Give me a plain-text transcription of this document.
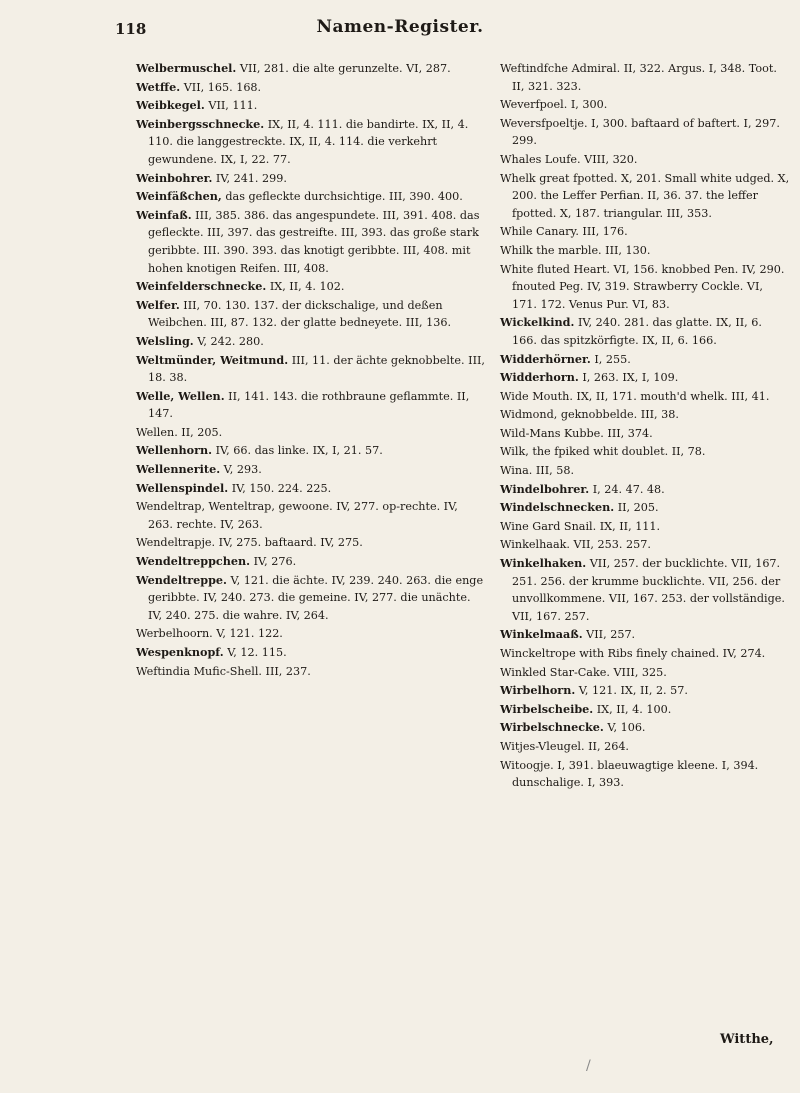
118	Namen-Register.

Welbermuschel. VII, 281. die alte gerunzelte. VI, 287.

Wetffe. VII, 165. 168.

Weibkegel. VII, 111.

Weinbergsschnecke. IX, II, 4. 111. die bandirte. IX, II, 4. 110. die langgestreckte. IX, II, 4. 114. die verkehrt gewundene. IX, I, 22. 77.

Weinbohrer. IV, 241. 299.

Weinfäßchen, das gefleckte durchsichtige. III, 390. 400.

Weinfaß. III, 385. 386. das angespundete. III, 391. 408. das gefleckte. III, 397. das gestreifte. III, 393. das große stark geribbte. III. 390. 393. das knotigt geribbte. III, 408. mit hohen knotigen Reifen. III, 408.

Weinfelderschnecke. IX, II, 4. 102.

Welfer. III, 70. 130. 137. der dickschalige, und deßen Weibchen. III, 87. 132. der glatte bedneyete. III, 136.

Welsling. V, 242. 280.

Weltmünder, Weitmund. III, 11. der ächte geknobbelte. III, 18. 38.

Welle, Wellen. II, 141. 143. die rothbraune geflammte. II, 147.

Wellen. II, 205.

Wellenhorn. IV, 66. das linke. IX, I, 21. 57.

Wellennerite. V, 293.

Wellenspindel. IV, 150. 224. 225.

Wendeltrap, Wenteltrap, gewoone. IV, 277. op-rechte. IV, 263. rechte. IV, 263.

Wendeltrapje. IV, 275. baftaard. IV, 275.

Wendeltreppchen. IV, 276.

Wendeltreppe. V, 121. die ächte. IV, 239. 240. 263. die enge geribbte. IV, 240. 273. die gemeine. IV, 277. die unächte. IV, 240. 275. die wahre. IV, 264.

Werbelhoorn. V, 121. 122.

Wespenknopf. V, 12. 115.

Weftindia Mufic-Shell. III, 237.

Weftindfche Admiral. II, 322. Argus. I, 348. Toot. II, 321. 323.

Weverfpoel. I, 300.

Weversfpoeltje. I, 300. baftaard of baftert. I, 297. 299.

Whales Loufe. VIII, 320.

Whelk great fpotted. X, 201. Small white udged. X, 200. the Leffer Perfian. II, 36. 37. the leffer fpotted. X, 187. triangular. III, 353.

While Canary. III, 176.

Whilk the marble. III, 130.

White fluted Heart. VI, 156. knobbed Pen. IV, 290. fnouted Peg. IV, 319. Strawberry Cockle. VI, 171. 172. Venus Pur. VI, 83.

Wickelkind. IV, 240. 281. das glatte. IX, II, 6. 166. das spitzkörfigte. IX, II, 6. 166.

Widderhörner. I, 255.

Widderhorn. I, 263. IX, I, 109.

Wide Mouth. IX, II, 171. mouth'd whelk. III, 41.

Widmond, geknobbelde. III, 38.

Wild-Mans Kubbe. III, 374.

Wilk, the fpiked whit doublet. II, 78.

Wina. III, 58.

Windelbohrer. I, 24. 47. 48.

Windelschnecken. II, 205.

Wine Gard Snail. IX, II, 111.

Winkelhaak. VII, 253. 257.

Winkelhaken. VII, 257. der bucklichte. VII, 167. 251. 256. der krumme bucklichte. VII, 256. der unvollkommene. VII, 167. 253. der vollständige. VII, 167. 257.

Winkelmaaß. VII, 257.

Winckeltrope with Ribs finely chained. IV, 274.

Winkled Star-Cake. VIII, 325.

Wirbelhorn. V, 121. IX, II, 2. 57.

Wirbelscheibe. IX, II, 4. 100.

Wirbelschnecke. V, 106.

Witjes-Vleugel. II, 264.

Witoogje. I, 391. blaeuwagtige kleene. I, 394. dunschalige. I, 393.

Witthe,
/
